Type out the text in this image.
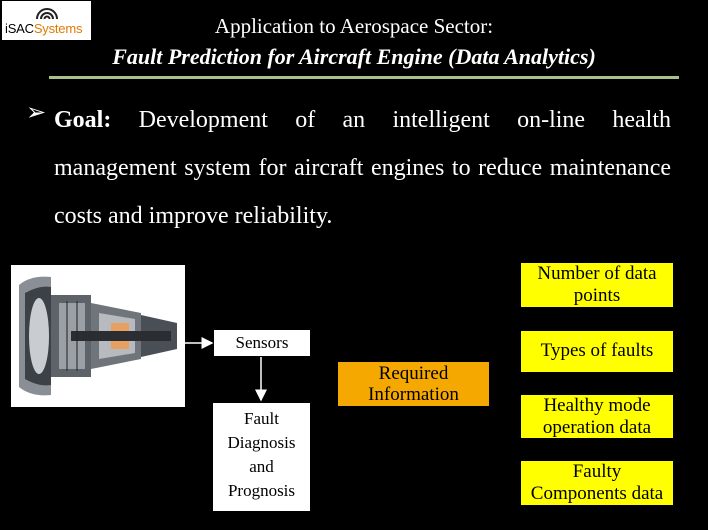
iSACSystems	Application to Aerospace Sector:
Fault Prediction for Aircraft Engine (Data Analytics)
➢ Goal: Development of an intelligent on-line health management system for aircraft engines to reduce maintenance costs and improve reliability.
Sensors
Fault
Diagnosis
and
Prognosis
Required
Information
Number of data
points
Types of faults
Healthy mode
operation data
Faulty
Components data
